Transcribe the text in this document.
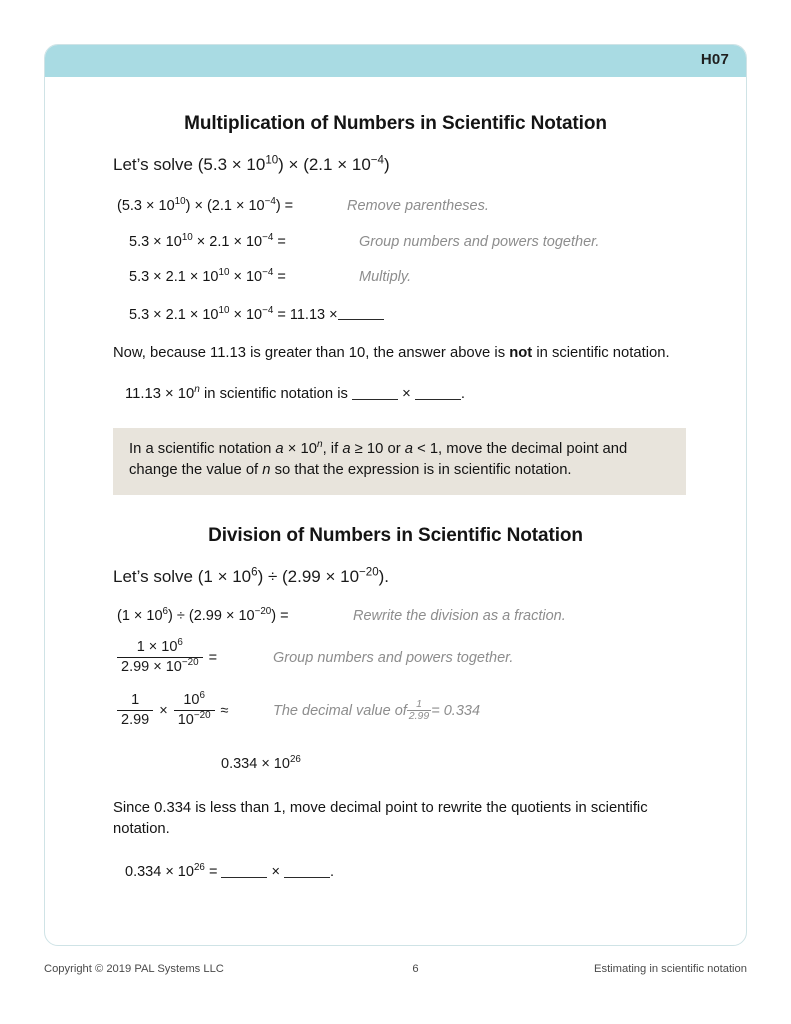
H07
Multiplication of Numbers in Scientific Notation
Let’s solve $(5.3 \times 10^{10}) \times (2.1 \times 10^{-4})$
$(5.3 \times 10^{10}) \times (2.1 \times 10^{-4})$ =	Remove parentheses.
$5.3 \times 10^{10} \times 2.1 \times 10^{-4}$ =	Group numbers and powers together.
$5.3 \times 2.1 \times 10^{10} \times 10^{-4}$ =	Multiply.
$5.3 \times 2.1 \times 10^{10} \times 10^{-4} = 11.13$ ×
Now, because 11.13 is greater than 10, the answer above is not in scientific notation.
$11.13 \times 10^n$ in scientific notation is	×	.
In a scientific notation $a \times 10^n$, if a ≥ 10 or a < 1, move the decimal point and change the value of n so that the expression is in scientific notation.
Division of Numbers in Scientific Notation
Let’s solve $(1 \times 10^6) \div (2.99 \times 10^{-20})$.
$(1 \times 10^6) \div (2.99 \times 10^{-20})$ =	Rewrite the division as a fraction.
$\frac{1 \times 10^6}{2.99 \times 10^{-20}}$ =	Group numbers and powers together.
$\frac{1}{2.99} \times \frac{10^6}{10^{-20}}$ ≈	The decimal value of $\frac{1}{2.99} = 0.334$
$0.334 \times 10^{26}$
Since 0.334 is less than 1, move decimal point to rewrite the quotients in scientific notation.
$0.334 \times 10^{26}$ =	×	.
Copyright © 2019 PAL Systems LLC	6	Estimating in scientific notation
